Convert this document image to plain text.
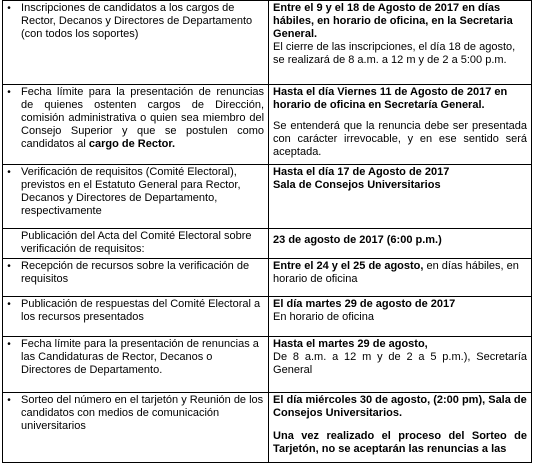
•	Inscripciones de candidatos a los cargos de Rector, Decanos y Directores de Departamento (con todos los soportes)	Entre el 9 y el 18 de Agosto de 2017 en días hábiles, en horario de oficina, en la Secretaria General.
El cierre de las inscripciones, el día 18 de agosto, se realizará de 8 a.m. a 12 m y de 2 a 5:00 p.m.

•	Fecha límite para la presentación de renuncias de quienes ostenten cargos de Dirección, comisión administrativa o quien sea miembro del Consejo Superior y que se postulen como candidatos al cargo de Rector.	Hasta el día Viernes 11 de Agosto de 2017 en horario de oficina en Secretaría General.
Se entenderá que la renuncia debe ser presentada con carácter irrevocable, y en ese sentido será aceptada.

•	Verificación de requisitos (Comité Electoral), previstos en el Estatuto General para Rector, Decanos y Directores de Departamento, respectivamente	Hasta el día 17 de Agosto de 2017
Sala de Consejos Universitarios

	Publicación del Acta del Comité Electoral sobre verificación de requisitos:	23 de agosto de 2017 (6:00 p.m.)

•	Recepción de recursos sobre la verificación de requisitos	Entre el 24 y el 25 de agosto, en días hábiles, en horario de oficina

•	Publicación de respuestas del Comité Electoral a los recursos presentados	El día martes 29 de agosto de 2017
En horario de oficina

•	Fecha límite para la presentación de renuncias a las Candidaturas de Rector, Decanos o Directores de Departamento.	Hasta el martes 29 de agosto,
De 8 a.m. a 12 m y de 2 a 5 p.m.), Secretaría General

•	Sorteo del número en el tarjetón y Reunión de los candidatos con medios de comunicación universitarios	El día miércoles 30 de agosto, (2:00 pm), Sala de Consejos Universitarios.
Una vez realizado el proceso del Sorteo de Tarjetón, no se aceptarán las renuncias a las
